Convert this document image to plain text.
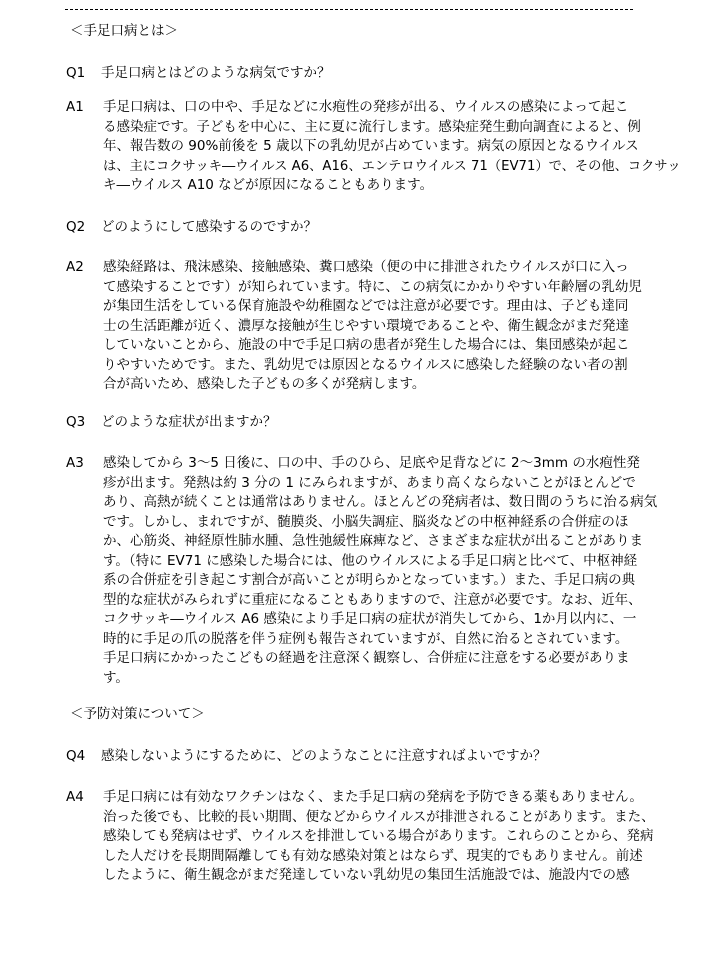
＜手足口病とは＞
Q1 手足口病とはどのような病気ですか？
A1	手足口病は、口の中や、手足などに水疱性の発疹が出る、ウイルスの感染によって起こ
る感染症です。子どもを中心に、主に夏に流行します。感染症発生動向調査によると、例
年、報告数の 90%前後を 5 歳以下の乳幼児が占めています。病気の原因となるウイルス
は、主にコクサッキ―ウイルス A6、A16、エンテロウイルス 71（EV71）で、その他、コクサッ
キ―ウイルス A10 などが原因になることもあります。
Q2 どのようにして感染するのですか？
A2	感染経路は、飛沫感染、接触感染、糞口感染（便の中に排泄されたウイルスが口に入っ
て感染することです）が知られています。特に、この病気にかかりやすい年齢層の乳幼児
が集団生活をしている保育施設や幼稚園などでは注意が必要です。理由は、子ども達同
士の生活距離が近く、濃厚な接触が生じやすい環境であることや、衛生観念がまだ発達
していないことから、施設の中で手足口病の患者が発生した場合には、集団感染が起こ
りやすいためです。また、乳幼児では原因となるウイルスに感染した経験のない者の割
合が高いため、感染した子どもの多くが発病します。
Q3 どのような症状が出ますか？
A3	感染してから 3～5 日後に、口の中、手のひら、足底や足背などに 2～3mm の水疱性発
疹が出ます。発熱は約 3 分の 1 にみられますが、あまり高くならないことがほとんどで
あり、高熱が続くことは通常はありません。ほとんどの発病者は、数日間のうちに治る病気
です。しかし、まれですが、髄膜炎、小脳失調症、脳炎などの中枢神経系の合併症のほ
か、心筋炎、神経原性肺水腫、急性弛緩性麻痺など、さまざまな症状が出ることがありま
す。（特に EV71 に感染した場合には、他のウイルスによる手足口病と比べて、中枢神経
系の合併症を引き起こす割合が高いことが明らかとなっています。）また、手足口病の典
型的な症状がみられずに重症になることもありますので、注意が必要です。なお、近年、
コクサッキ―ウイルス A6 感染により手足口病の症状が消失してから、1か月以内に、一
時的に手足の爪の脱落を伴う症例も報告されていますが、自然に治るとされています。
手足口病にかかったこどもの経過を注意深く観察し、合併症に注意をする必要がありま
す。
＜予防対策について＞
Q4 感染しないようにするために、どのようなことに注意すればよいですか？
A4	手足口病には有効なワクチンはなく、また手足口病の発病を予防できる薬もありません。
治った後でも、比較的長い期間、便などからウイルスが排泄されることがあります。また、
感染しても発病はせず、ウイルスを排泄している場合があります。これらのことから、発病
した人だけを長期間隔離しても有効な感染対策とはならず、現実的でもありません。前述
したように、衛生観念がまだ発達していない乳幼児の集団生活施設では、施設内での感
